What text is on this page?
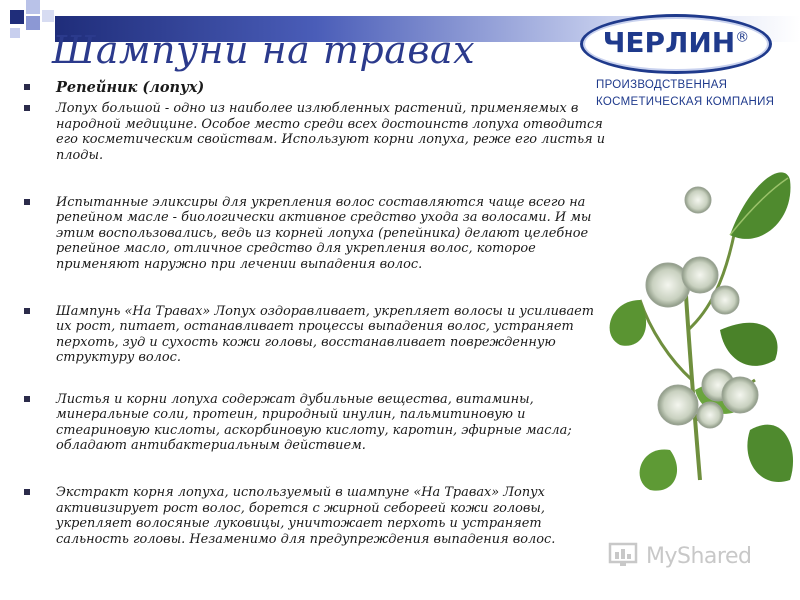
Шампуни на травах	ЧЕРЛИН®
ПРОИЗВОДСТВЕННАЯ
КОСМЕТИЧЕСКАЯ КОМПАНИЯ
Репейник (лопух)
Лопух большой - одно из наиболее излюбленных растений, применяемых в народной медицине. Особое место среди всех достоинств лопуха отводится его косметическим свойствам. Используют корни лопуха, реже его листья и плоды.
Испытанные эликсиры для укрепления волос составляются чаще всего на репейном масле - биологически активное средство ухода за волосами. И мы этим воспользовались, ведь из корней лопуха (репейника) делают целебное репейное масло, отличное средство для укрепления волос, которое применяют наружно при лечении выпадения волос.
Шампунь «На Травах» Лопух оздоравливает, укрепляет волосы и усиливает их рост, питает, останавливает процессы выпадения волос, устраняет перхоть, зуд и сухость кожи головы, восстанавливает поврежденную структуру волос.
Листья и корни лопуха содержат дубильные вещества, витамины, минеральные соли, протеин, природный инулин, пальмитиновую и стеариновую кислоты, аскорбиновую кислоту, каротин, эфирные масла; обладают антибактериальным действием.
Экстракт корня лопуха, используемый в шампуне «На Травах» Лопух активизирует рост волос, борется с жирной себореей кожи головы, укрепляет волосяные луковицы, уничтожает перхоть и устраняет сальность головы. Незаменимо для предупреждения выпадения волос.
MyShared
